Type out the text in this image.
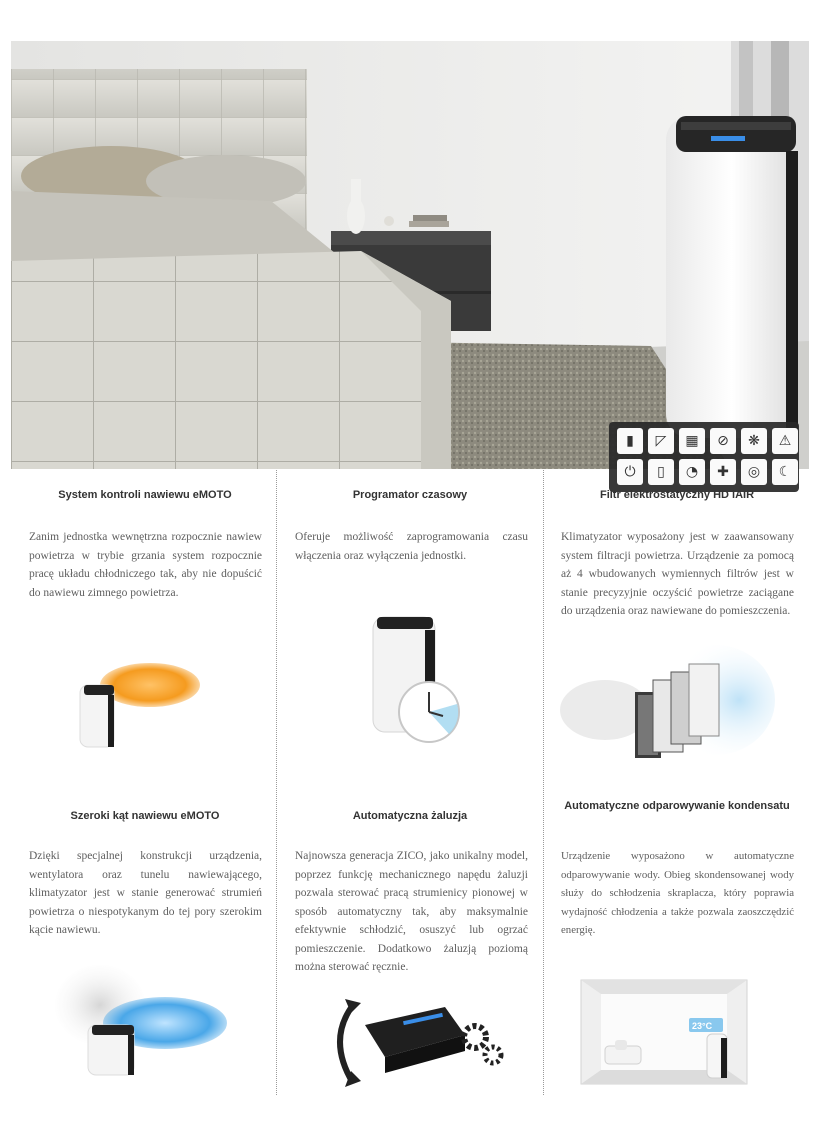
▮	◸	▦	⊘	❋	⚠
⏻	▯	◔	✚	◎	☾
System kontroli nawiewu eMOTO
Zanim jednostka wewnętrzna rozpocznie nawiew powietrza w trybie grzania system rozpocznie pracę układu chłodniczego tak, aby nie dopuścić do nawiewu zimnego powietrza.
Programator czasowy
Oferuje możliwość zaprogramowania czasu włączenia oraz wyłączenia jednostki.
Filtr elektrostatyczny HD iAIR
Klimatyzator wyposażony jest w zaawansowany system filtracji powietrza. Urządzenie za pomocą aż 4 wbudowanych wymiennych filtrów jest w stanie precyzyjnie oczyścić powietrze zaciągane do urządzenia oraz nawiewane do pomieszczenia.
Szeroki kąt nawiewu eMOTO
Dzięki specjalnej konstrukcji urządzenia, wentylatora oraz tunelu nawiewającego, klimatyzator jest w stanie generować strumień powietrza o niespotykanym do tej pory szerokim kącie nawiewu.
Automatyczna żaluzja
Najnowsza generacja ZICO, jako unikalny model, poprzez funkcję mechanicznego napędu żaluzji pozwala sterować pracą strumienicy pionowej w sposób automatyczny tak, aby maksymalnie efektywnie schłodzić, osuszyć lub ogrzać pomieszczenie. Dodatkowo żaluzją poziomą można sterować ręcznie.
Automatyczne odparowywanie kondensatu
Urządzenie wyposażono w automatyczne odparowywanie wody. Obieg skondensowanej wody służy do schłodzenia skraplacza, który poprawia wydajność chłodzenia a także pozwala zaoszczędzić energię.
23°C
